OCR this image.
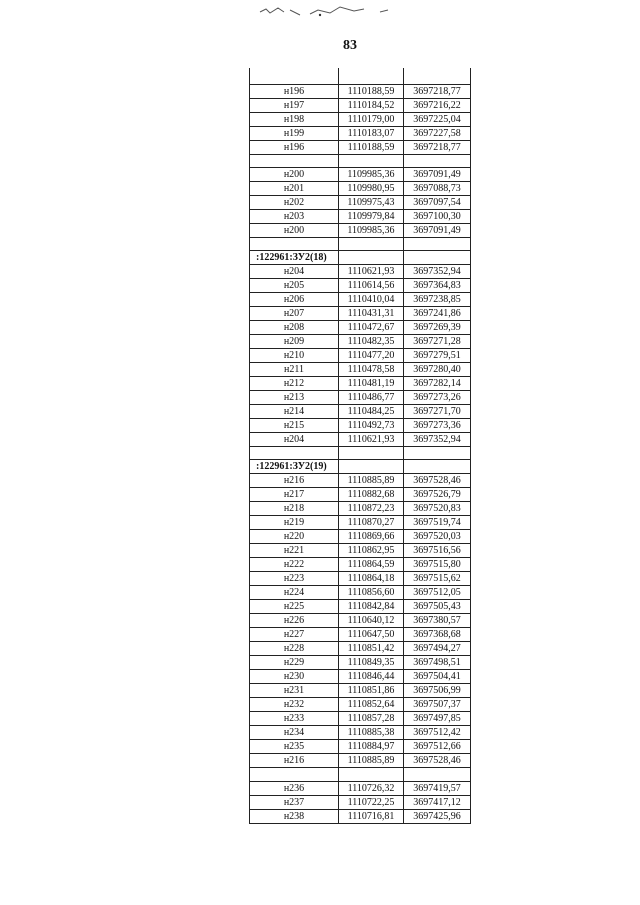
83

н196	1110188,59	3697218,77
н197	1110184,52	3697216,22
н198	1110179,00	3697225,04
н199	1110183,07	3697227,58
н196	1110188,59	3697218,77

н200	1109985,36	3697091,49
н201	1109980,95	3697088,73
н202	1109975,43	3697097,54
н203	1109979,84	3697100,30
н200	1109985,36	3697091,49

:122961:ЗУ2(18)		
н204	1110621,93	3697352,94
н205	1110614,56	3697364,83
н206	1110410,04	3697238,85
н207	1110431,31	3697241,86
н208	1110472,67	3697269,39
н209	1110482,35	3697271,28
н210	1110477,20	3697279,51
н211	1110478,58	3697280,40
н212	1110481,19	3697282,14
н213	1110486,77	3697273,26
н214	1110484,25	3697271,70
н215	1110492,73	3697273,36
н204	1110621,93	3697352,94

:122961:ЗУ2(19)		
н216	1110885,89	3697528,46
н217	1110882,68	3697526,79
н218	1110872,23	3697520,83
н219	1110870,27	3697519,74
н220	1110869,66	3697520,03
н221	1110862,95	3697516,56
н222	1110864,59	3697515,80
н223	1110864,18	3697515,62
н224	1110856,60	3697512,05
н225	1110842,84	3697505,43
н226	1110640,12	3697380,57
н227	1110647,50	3697368,68
н228	1110851,42	3697494,27
н229	1110849,35	3697498,51
н230	1110846,44	3697504,41
н231	1110851,86	3697506,99
н232	1110852,64	3697507,37
н233	1110857,28	3697497,85
н234	1110885,38	3697512,42
н235	1110884,97	3697512,66
н216	1110885,89	3697528,46

н236	1110726,32	3697419,57
н237	1110722,25	3697417,12
н238	1110716,81	3697425,96
